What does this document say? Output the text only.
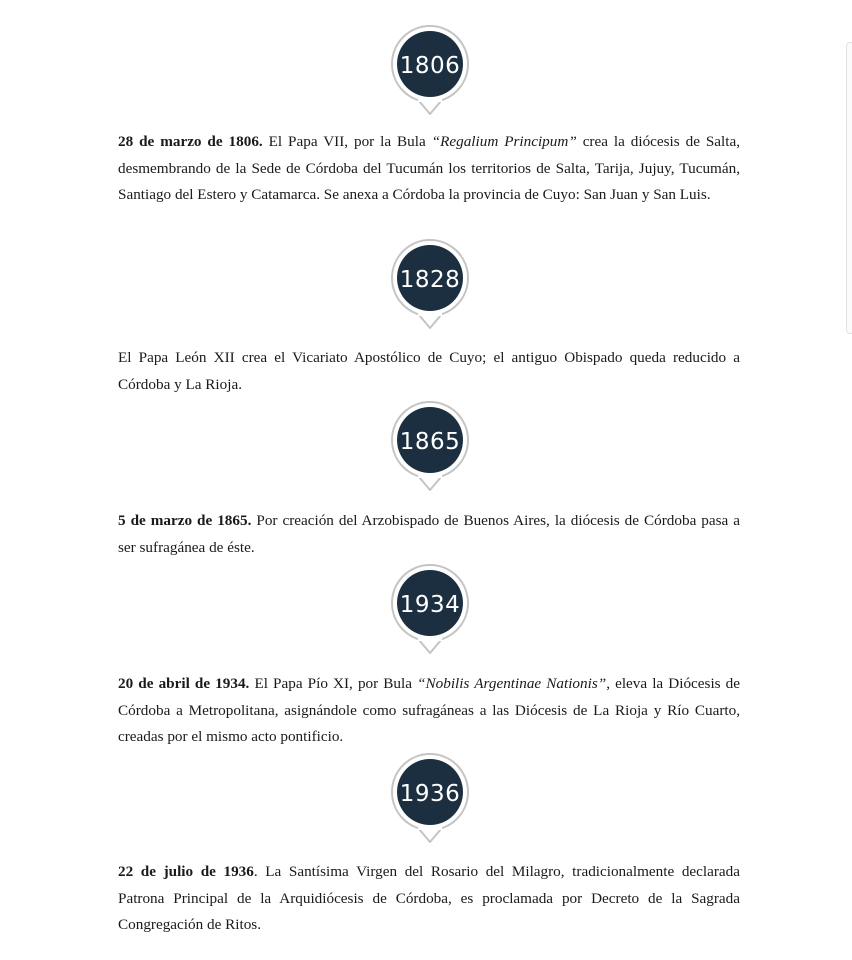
1806

28 de marzo de 1806. El Papa VII, por la Bula “Regalium Principum” crea la diócesis de Salta, desmembrando de la Sede de Córdoba del Tucumán los territorios de Salta, Tarija, Jujuy, Tucumán, Santiago del Estero y Catamarca. Se anexa a Córdoba la provincia de Cuyo: San Juan y San Luis.

1828

El Papa León XII crea el Vicariato Apostólico de Cuyo; el antiguo Obispado queda reducido a Córdoba y La Rioja.

1865

5 de marzo de 1865. Por creación del Arzobispado de Buenos Aires, la diócesis de Córdoba pasa a ser sufragánea de éste.

1934

20 de abril de 1934. El Papa Pío XI, por Bula “Nobilis Argentinae Nationis”, eleva la Diócesis de Córdoba a Metropolitana, asignándole como sufragáneas a las Diócesis de La Rioja y Río Cuarto, creadas por el mismo acto pontificio.

1936

22 de julio de 1936. La Santísima Virgen del Rosario del Milagro, tradicionalmente declarada Patrona Principal de la Arquidiócesis de Córdoba, es proclamada por Decreto de la Sagrada Congregación de Ritos.
